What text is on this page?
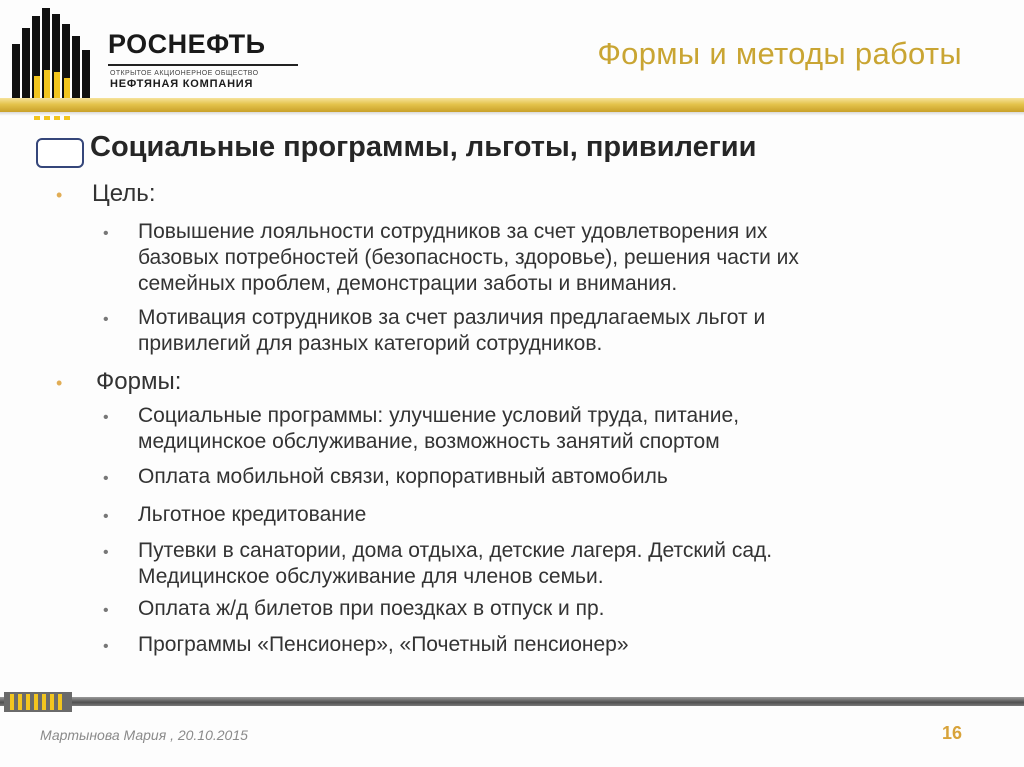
РОСНЕФТЬ
ОТКРЫТОЕ АКЦИОНЕРНОЕ ОБЩЕСТВО
НЕФТЯНАЯ КОМПАНИЯ
Формы и методы работы
Социальные программы, льготы, привилегии
• Цель:
• Повышение лояльности сотрудников за счет удовлетворения их
базовых потребностей (безопасность, здоровье), решения части их
семейных проблем, демонстрации заботы и внимания.
• Мотивация сотрудников за счет различия предлагаемых льгот и
привилегий для разных категорий сотрудников.
• Формы:
• Социальные программы: улучшение условий труда, питание,
медицинское обслуживание, возможность занятий спортом
• Оплата мобильной связи, корпоративный автомобиль
• Льготное кредитование
• Путевки в санатории, дома отдыха, детские лагеря. Детский сад.
Медицинское обслуживание для членов семьи.
• Оплата ж/д билетов при поездках в отпуск и пр.
• Программы «Пенсионер», «Почетный пенсионер»
Мартынова Мария , 20.10.2015	16
